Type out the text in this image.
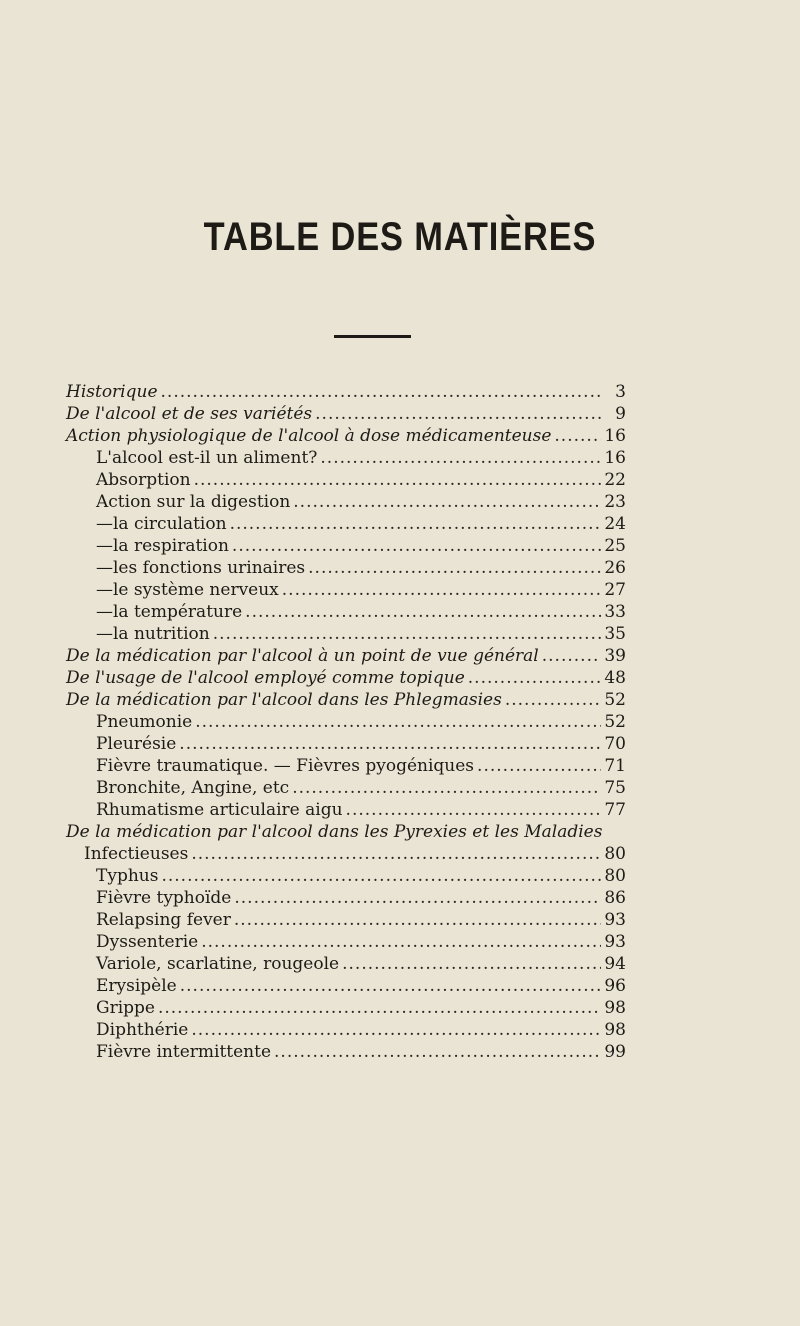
TABLE DES MATIÈRES
Historique .....	3
De l'alcool et de ses variétés .....	9
Action physiologique de l'alcool à dose médicamenteuse .....	16
L'alcool est-il un aliment? .....	16
Absorption .....	22
Action sur la digestion .....	23
— la circulation .....	24
— la respiration .....	25
— les fonctions urinaires .....	26
— le système nerveux .....	27
— la température .....	33
— la nutrition .....	35
De la médication par l'alcool à un point de vue général .....	39
De l'usage de l'alcool employé comme topique .....	48
De la médication par l'alcool dans les Phlegmasies .....	52
Pneumonie .....	52
Pleurésie .....	70
Fièvre traumatique. — Fièvres pyogéniques .....	71
Bronchite, Angine, etc .....	75
Rhumatisme articulaire aigu .....	77
De la médication par l'alcool dans les Pyrexies et les Maladies
Infectieuses .....	80
Typhus .....	80
Fièvre typhoïde .....	86
Relapsing fever .....	93
Dyssenterie .....	93
Variole, scarlatine, rougeole .....	94
Erysipèle .....	96
Grippe .....	98
Diphthérie .....	98
Fièvre intermittente .....	99
